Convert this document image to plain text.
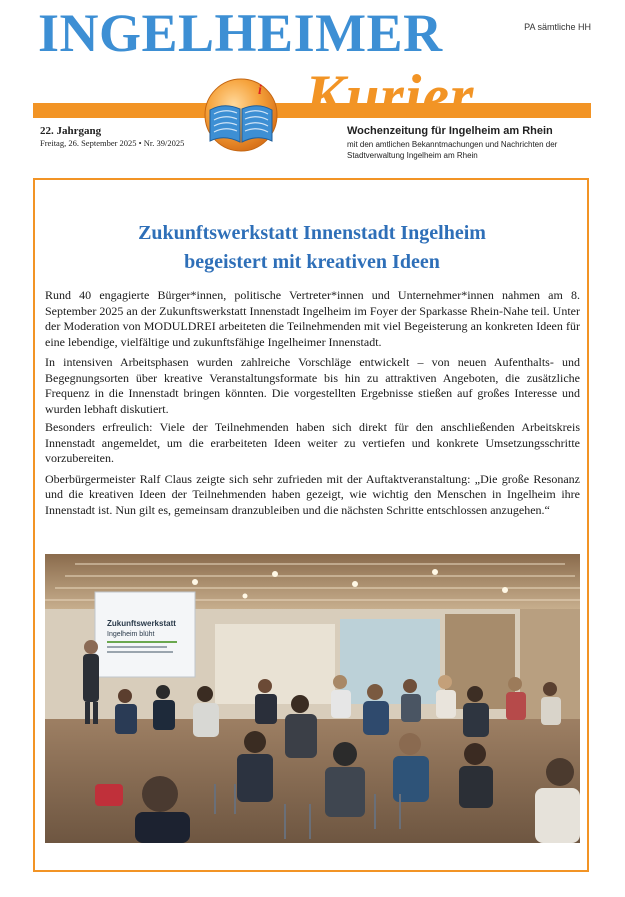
INGELHEIMER	PA sämtliche HH
Kurier
i
22. Jahrgang
Freitag, 26. September 2025 • Nr. 39/2025
Wochenzeitung für Ingelheim am Rhein
mit den amtlichen Bekanntmachungen und Nachrichten der
Stadtverwaltung Ingelheim am Rhein
Zukunftswerkstatt Innenstadt Ingelheim
begeistert mit kreativen Ideen

Rund 40 engagierte Bürger*innen, politische Vertreter*innen und Unternehmer*innen nahmen am 8. September 2025 an der Zukunftswerkstatt Innenstadt Ingelheim im Foyer der Sparkasse Rhein-Nahe teil. Unter der Moderation von MODULDREI arbeiteten die Teilnehmenden mit viel Begeisterung an konkreten Ideen für eine lebendige, vielfältige und zukunftsfähige Ingelheimer Innenstadt.

In intensiven Arbeitsphasen wurden zahlreiche Vorschläge entwickelt – von neuen Aufenthalts- und Begegnungsorten über kreative Veranstaltungsformate bis hin zu attraktiven Angeboten, die zusätzliche Frequenz in die Innenstadt bringen könnten. Die vorgestellten Ergebnisse stießen auf großes Interesse und wurden lebhaft diskutiert.

Besonders erfreulich: Viele der Teilnehmenden haben sich direkt für den anschließenden Arbeitskreis Innenstadt angemeldet, um die erarbeiteten Ideen weiter zu vertiefen und konkrete Umsetzungsschritte vorzubereiten.

Oberbürgermeister Ralf Claus zeigte sich sehr zufrieden mit der Auftaktveranstaltung: „Die große Resonanz und die kreativen Ideen der Teilnehmenden haben gezeigt, wie wichtig den Menschen in Ingelheim ihre Innenstadt ist. Nun gilt es, gemeinsam dranzubleiben und die nächsten Schritte entschlossen anzugehen.“

Zukunftswerkstatt
Ingelheim blüht
